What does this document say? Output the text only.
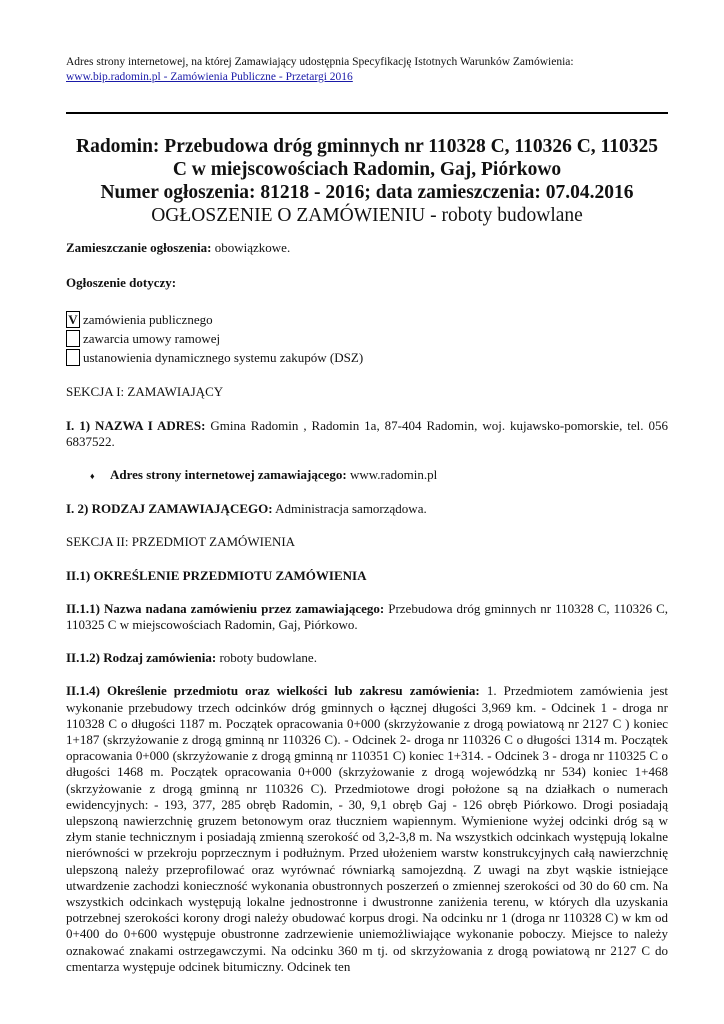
Adres strony internetowej, na której Zamawiający udostępnia Specyfikację Istotnych Warunków Zamówienia:
www.bip.radomin.pl - Zamówienia Publiczne - Przetargi 2016
Radomin: Przebudowa dróg gminnych nr 110328 C, 110326 C, 110325
C w miejscowościach Radomin, Gaj, Piórkowo
Numer ogłoszenia: 81218 - 2016; data zamieszczenia: 07.04.2016
OGŁOSZENIE O ZAMÓWIENIU - roboty budowlane

Zamieszczanie ogłoszenia: obowiązkowe.

Ogłoszenie dotyczy:

V zamówienia publicznego
zawarcia umowy ramowej
ustanowienia dynamicznego systemu zakupów (DSZ)

SEKCJA I: ZAMAWIAJĄCY

I. 1) NAZWA I ADRES: Gmina Radomin , Radomin 1a, 87-404 Radomin, woj. kujawsko-pomorskie, tel. 056 6837522.

♦	Adres strony internetowej zamawiającego: www.radomin.pl

I. 2) RODZAJ ZAMAWIAJĄCEGO: Administracja samorządowa.

SEKCJA II: PRZEDMIOT ZAMÓWIENIA

II.1) OKREŚLENIE PRZEDMIOTU ZAMÓWIENIA

II.1.1) Nazwa nadana zamówieniu przez zamawiającego: Przebudowa dróg gminnych nr 110328 C, 110326 C, 110325 C w miejscowościach Radomin, Gaj, Piórkowo.

II.1.2) Rodzaj zamówienia: roboty budowlane.

II.1.4) Określenie przedmiotu oraz wielkości lub zakresu zamówienia: 1. Przedmiotem zamówienia jest wykonanie przebudowy trzech odcinków dróg gminnych o łącznej długości 3,969 km. - Odcinek 1 - droga nr 110328 C o długości 1187 m. Początek opracowania 0+000 (skrzyżowanie z drogą powiatową nr 2127 C ) koniec 1+187 (skrzyżowanie z drogą gminną nr 110326 C). - Odcinek 2- droga nr 110326 C o długości 1314 m. Początek opracowania 0+000 (skrzyżowanie z drogą gminną nr 110351 C) koniec 1+314. - Odcinek 3 - droga nr 110325 C o długości 1468 m. Początek opracowania 0+000 (skrzyżowanie z drogą wojewódzką nr 534) koniec 1+468 (skrzyżowanie z drogą gminną nr 110326 C). Przedmiotowe drogi położone są na działkach o numerach ewidencyjnych: - 193, 377, 285 obręb Radomin, - 30, 9,1 obręb Gaj - 126 obręb Piórkowo. Drogi posiadają ulepszoną nawierzchnię gruzem betonowym oraz tłuczniem wapiennym. Wymienione wyżej odcinki dróg są w złym stanie technicznym i posiadają zmienną szerokość od 3,2-3,8 m. Na wszystkich odcinkach występują lokalne nierówności w przekroju poprzecznym i podłużnym. Przed ułożeniem warstw konstrukcyjnych całą nawierzchnię ulepszoną należy przeprofilować oraz wyrównać równiarką samojezdną. Z uwagi na zbyt wąskie istniejące utwardzenie zachodzi konieczność wykonania obustronnych poszerzeń o zmiennej szerokości od 30 do 60 cm. Na wszystkich odcinkach występują lokalne jednostronne i dwustronne zaniżenia terenu, w których dla uzyskania potrzebnej szerokości korony drogi należy obudować korpus drogi. Na odcinku nr 1 (droga nr 110328 C) w km od 0+400 do 0+600 występuje obustronne zadrzewienie uniemożliwiające wykonanie poboczy. Miejsce to należy oznakować znakami ostrzegawczymi. Na odcinku 360 m tj. od skrzyżowania z drogą powiatową nr 2127 C do cmentarza występuje odcinek bitumiczny. Odcinek ten
